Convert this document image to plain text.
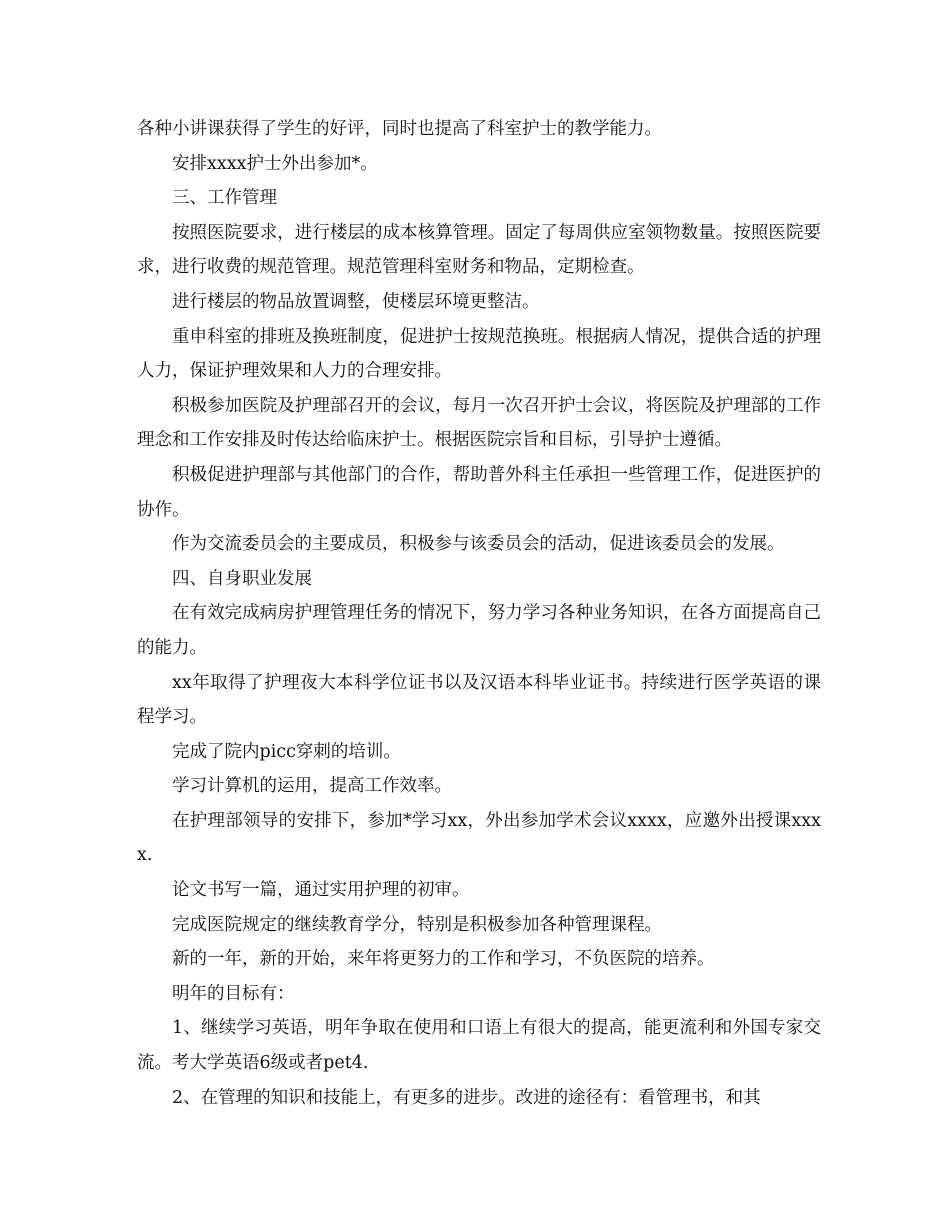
各种小讲课获得了学生的好评，同时也提高了科室护士的教学能力。

安排xxxx护士外出参加*。

三、工作管理

按照医院要求，进行楼层的成本核算管理。固定了每周供应室领物数量。按照医院要求，进行收费的规范管理。规范管理科室财务和物品，定期检查。

进行楼层的物品放置调整，使楼层环境更整洁。

重申科室的排班及换班制度，促进护士按规范换班。根据病人情况，提供合适的护理人力，保证护理效果和人力的合理安排。

积极参加医院及护理部召开的会议，每月一次召开护士会议，将医院及护理部的工作理念和工作安排及时传达给临床护士。根据医院宗旨和目标，引导护士遵循。

积极促进护理部与其他部门的合作，帮助普外科主任承担一些管理工作，促进医护的协作。

作为交流委员会的主要成员，积极参与该委员会的活动，促进该委员会的发展。

四、自身职业发展

在有效完成病房护理管理任务的情况下，努力学习各种业务知识，在各方面提高自己的能力。

xx年取得了护理夜大本科学位证书以及汉语本科毕业证书。持续进行医学英语的课程学习。

完成了院内picc穿刺的培训。

学习计算机的运用，提高工作效率。

在护理部领导的安排下，参加*学习xx，外出参加学术会议xxxx，应邀外出授课xxxx.

论文书写一篇，通过实用护理的初审。

完成医院规定的继续教育学分，特别是积极参加各种管理课程。

新的一年，新的开始，来年将更努力的工作和学习，不负医院的培养。

明年的目标有：

1、继续学习英语，明年争取在使用和口语上有很大的提高，能更流利和外国专家交流。考大学英语6级或者pet4.

2、在管理的知识和技能上，有更多的进步。改进的途径有：看管理书，和其
